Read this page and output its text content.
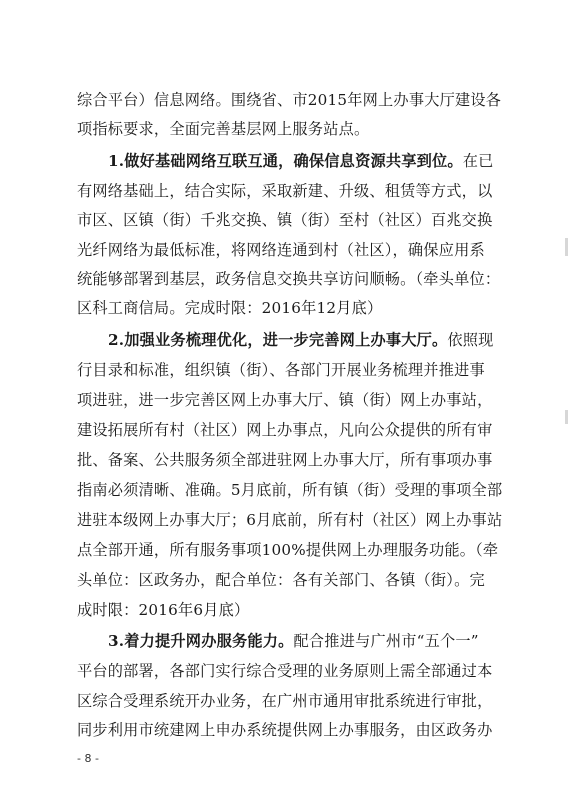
综合平台）信息网络。围绕省、市2015年网上办事大厅建设各
项指标要求，全面完善基层网上服务站点。
1.做好基础网络互联互通，确保信息资源共享到位。在已
有网络基础上，结合实际，采取新建、升级、租赁等方式，以
市区、区镇（街）千兆交换、镇（街）至村（社区）百兆交换
光纤网络为最低标准，将网络连通到村（社区），确保应用系
统能够部署到基层，政务信息交换共享访问顺畅。（牵头单位：
区科工商信局。完成时限：2016年12月底）
2.加强业务梳理优化，进一步完善网上办事大厅。依照现
行目录和标准，组织镇（街）、各部门开展业务梳理并推进事
项进驻，进一步完善区网上办事大厅、镇（街）网上办事站，
建设拓展所有村（社区）网上办事点，凡向公众提供的所有审
批、备案、公共服务须全部进驻网上办事大厅，所有事项办事
指南必须清晰、准确。5月底前，所有镇（街）受理的事项全部
进驻本级网上办事大厅；6月底前，所有村（社区）网上办事站
点全部开通，所有服务事项100%提供网上办理服务功能。（牵
头单位：区政务办，配合单位：各有关部门、各镇（街）。完
成时限：2016年6月底）
3.着力提升网办服务能力。配合推进与广州市“五个一”
平台的部署，各部门实行综合受理的业务原则上需全部通过本
区综合受理系统开办业务，在广州市通用审批系统进行审批，
同步利用市统建网上申办系统提供网上办事服务，由区政务办
- 8 -
